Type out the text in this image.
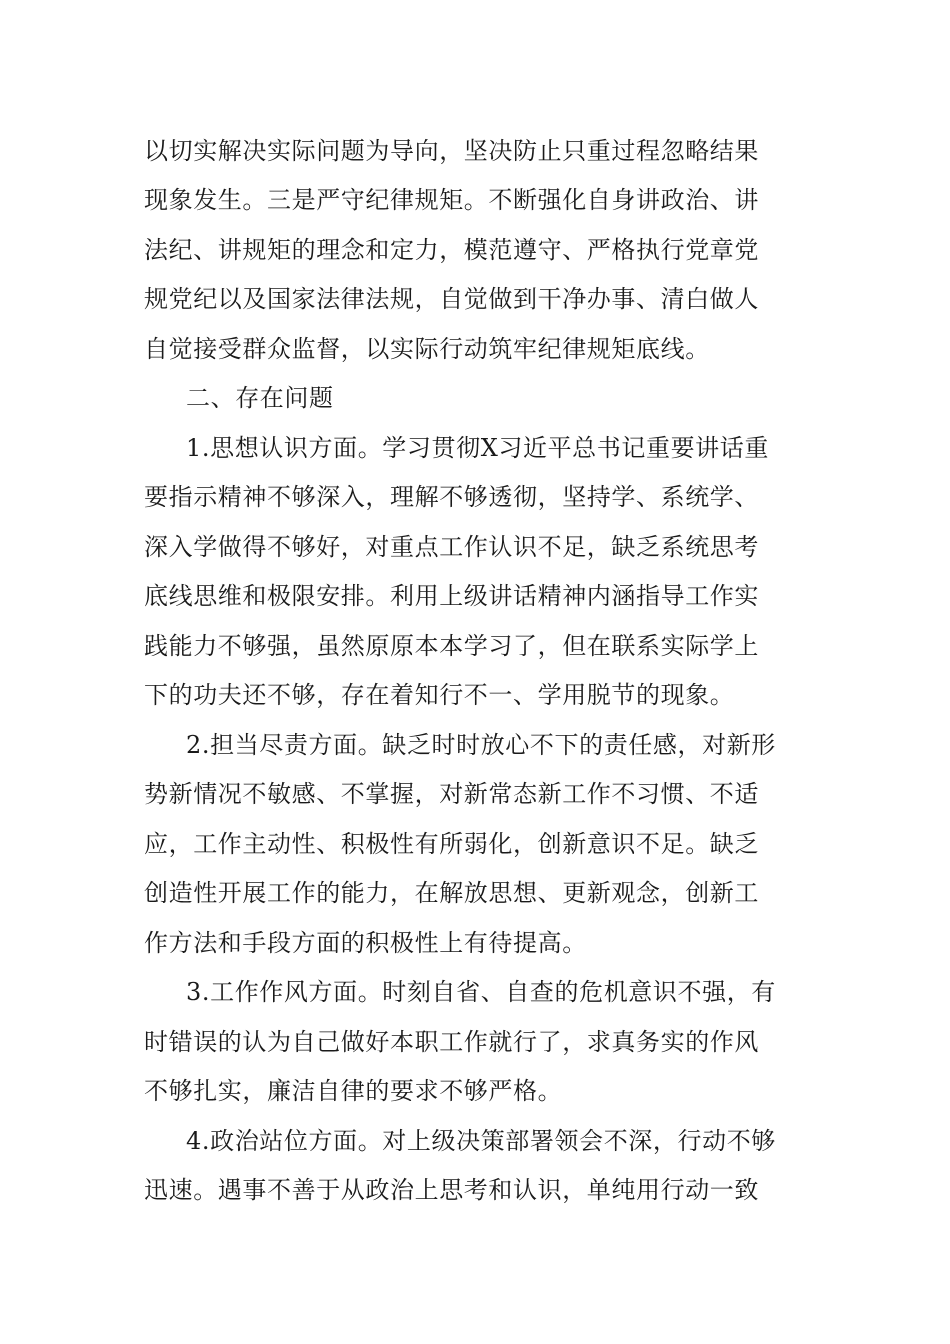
以切实解决实际问题为导向，坚决防止只重过程忽略结果
现象发生。三是严守纪律规矩。不断强化自身讲政治、讲
法纪、讲规矩的理念和定力，模范遵守、严格执行党章党
规党纪以及国家法律法规，自觉做到干净办事、清白做人
自觉接受群众监督，以实际行动筑牢纪律规矩底线。
二、存在问题
1.思想认识方面。学习贯彻X习近平总书记重要讲话重
要指示精神不够深入，理解不够透彻，坚持学、系统学、
深入学做得不够好，对重点工作认识不足，缺乏系统思考
底线思维和极限安排。利用上级讲话精神内涵指导工作实
践能力不够强，虽然原原本本学习了，但在联系实际学上
下的功夫还不够，存在着知行不一、学用脱节的现象。
2.担当尽责方面。缺乏时时放心不下的责任感，对新形
势新情况不敏感、不掌握，对新常态新工作不习惯、不适
应，工作主动性、积极性有所弱化，创新意识不足。缺乏
创造性开展工作的能力，在解放思想、更新观念，创新工
作方法和手段方面的积极性上有待提高。
3.工作作风方面。时刻自省、自查的危机意识不强，有
时错误的认为自己做好本职工作就行了，求真务实的作风
不够扎实，廉洁自律的要求不够严格。
4.政治站位方面。对上级决策部署领会不深，行动不够
迅速。遇事不善于从政治上思考和认识，单纯用行动一致
